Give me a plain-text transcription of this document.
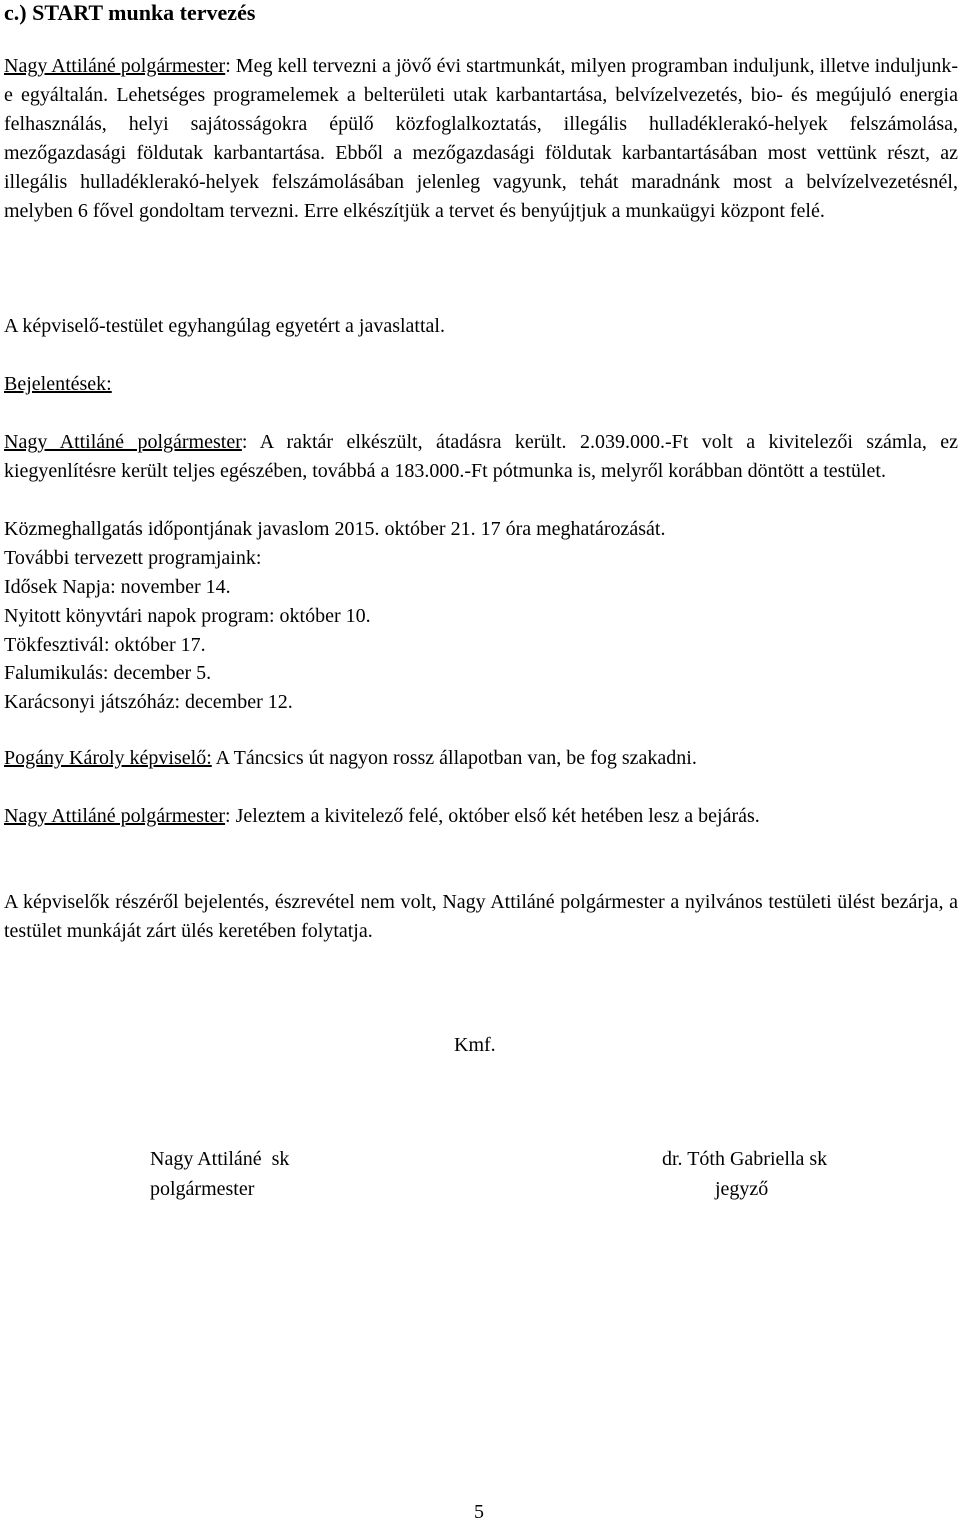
c.) START munka tervezés
Nagy Attiláné polgármester: Meg kell tervezni a jövő évi startmunkát, milyen programban induljunk, illetve induljunk-e egyáltalán. Lehetséges programelemek a belterületi utak karbantartása, belvízelvezetés, bio- és megújuló energia felhasználás, helyi sajátosságokra épülő közfoglalkoztatás, illegális hulladéklerakó-helyek felszámolása, mezőgazdasági földutak karbantartása. Ebből a mezőgazdasági földutak karbantartásában most vettünk részt, az illegális hulladéklerakó-helyek felszámolásában jelenleg vagyunk, tehát maradnánk most a belvízelvezetésnél, melyben 6 fővel gondoltam tervezni. Erre elkészítjük a tervet és benyújtjuk a munkaügyi központ felé.
A képviselő-testület egyhangúlag egyetért a javaslattal.
Bejelentések:
Nagy Attiláné polgármester: A raktár elkészült, átadásra került. 2.039.000.-Ft volt a kivitelezői számla, ez kiegyenlítésre került teljes egészében, továbbá a 183.000.-Ft pótmunka is, melyről korábban döntött a testület.
Közmeghallgatás időpontjának javaslom 2015. október 21. 17 óra meghatározását.
További tervezett programjaink:
Idősek Napja: november 14.
Nyitott könyvtári napok program: október 10.
Tökfesztivál: október 17.
Falumikulás: december 5.
Karácsonyi játszóház: december 12.
Pogány Károly képviselő: A Táncsics út nagyon rossz állapotban van, be fog szakadni.
Nagy Attiláné polgármester: Jeleztem a kivitelező felé, október első két hetében lesz a bejárás.
A képviselők részéről bejelentés, észrevétel nem volt, Nagy Attiláné polgármester a nyilvános testületi ülést bezárja, a testület munkáját zárt ülés keretében folytatja.
Kmf.
Nagy Attiláné  sk
polgármester
dr. Tóth Gabriella sk
jegyző
5
